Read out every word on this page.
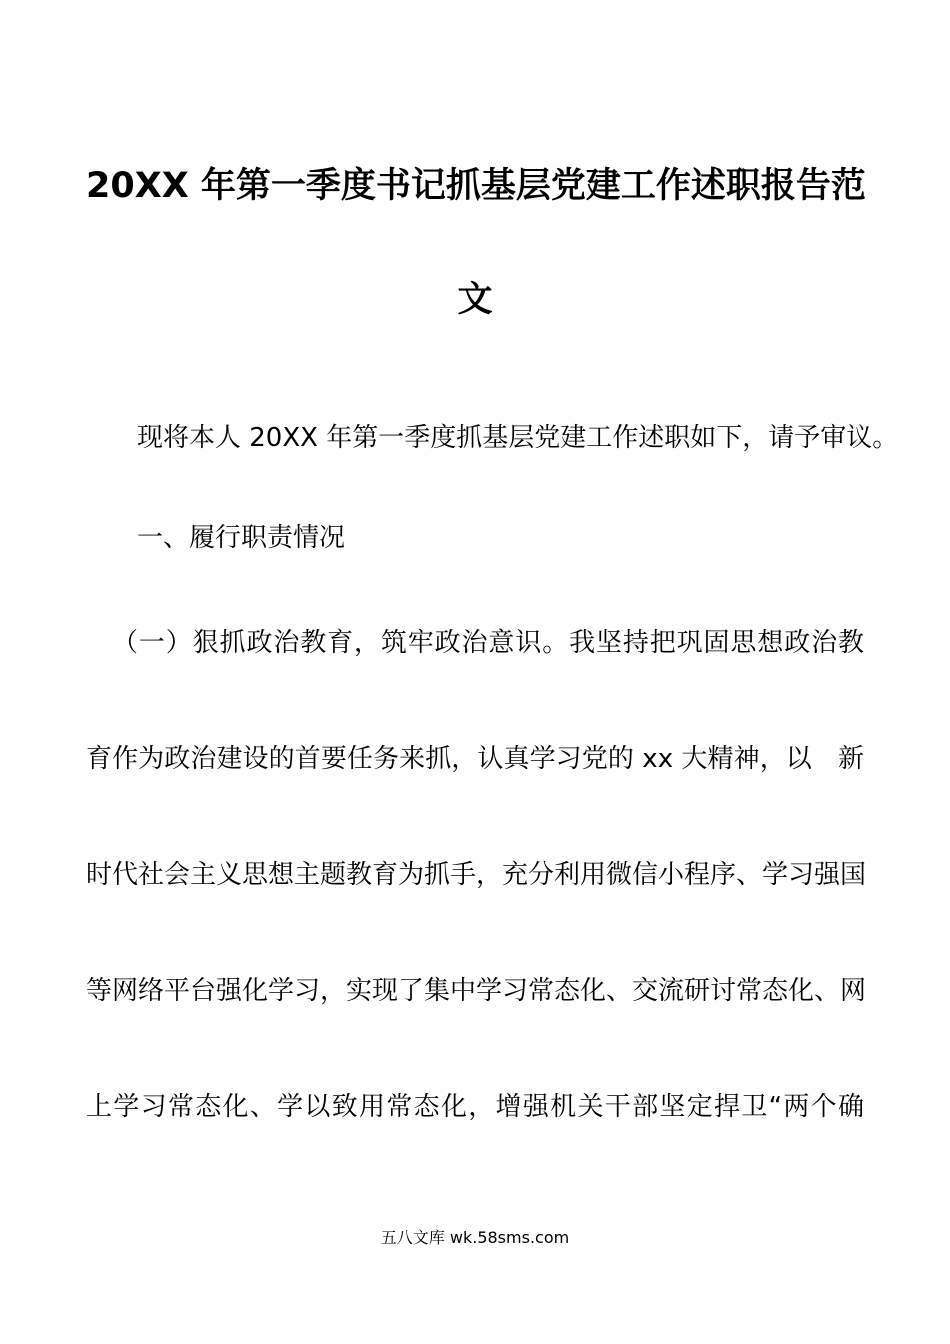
20XX 年第一季度书记抓基层党建工作述职报告范
文
现将本人 20XX 年第一季度抓基层党建工作述职如下，请予审议。
一、履行职责情况
（一）狠抓政治教育，筑牢政治意识。我坚持把巩固思想政治教
育作为政治建设的首要任务来抓，认真学习党的 xx 大精神，以　新
时代社会主义思想主题教育为抓手，充分利用微信小程序、学习强国
等网络平台强化学习，实现了集中学习常态化、交流研讨常态化、网
上学习常态化、学以致用常态化，增强机关干部坚定捍卫“两个确
五八文库 wk.58sms.com
